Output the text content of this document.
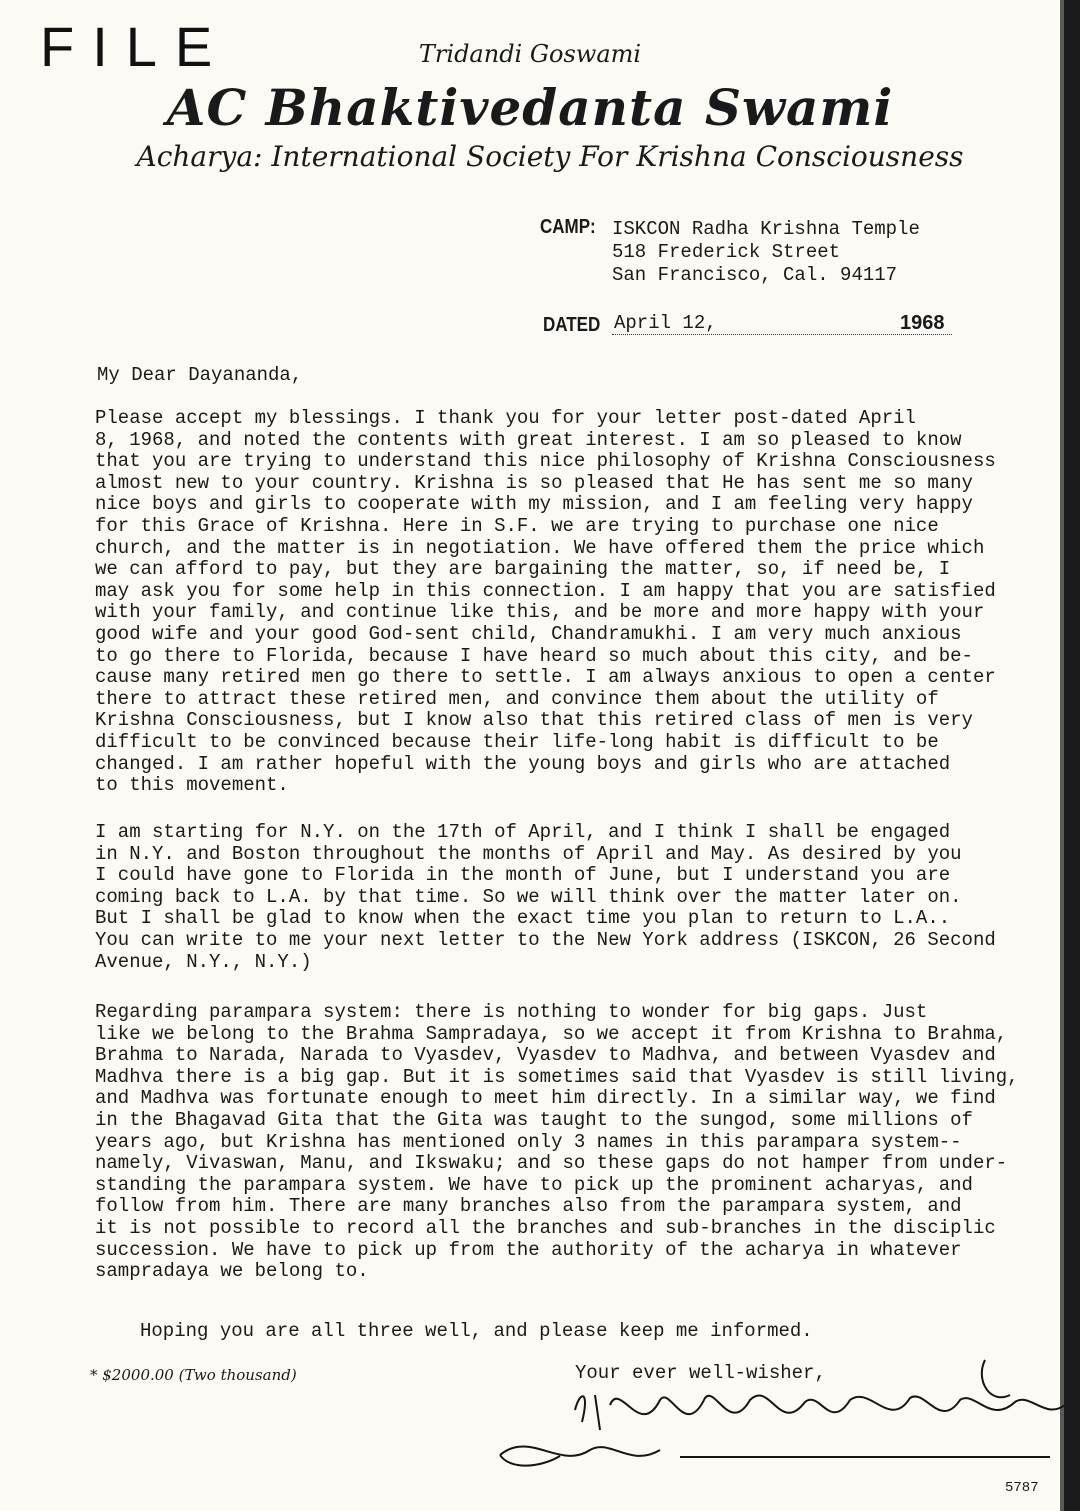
FILE	Tridandi Goswami
AC Bhaktivedanta Swami
Acharya: International Society For Krishna Consciousness
CAMP: ISKCON Radha Krishna Temple
518 Frederick Street
San Francisco, Cal. 94117
DATED April 12,	1968
My Dear Dayananda,
Please accept my blessings. I thank you for your letter post-dated April
8, 1968, and noted the contents with great interest. I am so pleased to know
that you are trying to understand this nice philosophy of Krishna Consciousness
almost new to your country. Krishna is so pleased that He has sent me so many
nice boys and girls to cooperate with my mission, and I am feeling very happy
for this Grace of Krishna. Here in S.F. we are trying to purchase one nice
church, and the matter is in negotiation. We have offered them the price which
we can afford to pay, but they are bargaining the matter, so, if need be, I
may ask you for some help in this connection. I am happy that you are satisfied
with your family, and continue like this, and be more and more happy with your
good wife and your good God-sent child, Chandramukhi. I am very much anxious
to go there to Florida, because I have heard so much about this city, and be-
cause many retired men go there to settle. I am always anxious to open a center
there to attract these retired men, and convince them about the utility of
Krishna Consciousness, but I know also that this retired class of men is very
difficult to be convinced because their life-long habit is difficult to be
changed. I am rather hopeful with the young boys and girls who are attached
to this movement.
I am starting for N.Y. on the 17th of April, and I think I shall be engaged
in N.Y. and Boston throughout the months of April and May. As desired by you
I could have gone to Florida in the month of June, but I understand you are
coming back to L.A. by that time. So we will think over the matter later on.
But I shall be glad to know when the exact time you plan to return to L.A..
You can write to me your next letter to the New York address (ISKCON, 26 Second
Avenue, N.Y., N.Y.)
Regarding parampara system: there is nothing to wonder for big gaps. Just
like we belong to the Brahma Sampradaya, so we accept it from Krishna to Brahma,
Brahma to Narada, Narada to Vyasdev, Vyasdev to Madhva, and between Vyasdev and
Madhva there is a big gap. But it is sometimes said that Vyasdev is still living,
and Madhva was fortunate enough to meet him directly. In a similar way, we find
in the Bhagavad Gita that the Gita was taught to the sungod, some millions of
years ago, but Krishna has mentioned only 3 names in this parampara system--
namely, Vivaswan, Manu, and Ikswaku; and so these gaps do not hamper from under-
standing the parampara system. We have to pick up the prominent acharyas, and
follow from him. There are many branches also from the parampara system, and
it is not possible to record all the branches and sub-branches in the disciplic
succession. We have to pick up from the authority of the acharya in whatever
sampradaya we belong to.
Hoping you are all three well, and please keep me informed.
* $2000.00 (Two thousand)	Your ever well-wisher,
5787
